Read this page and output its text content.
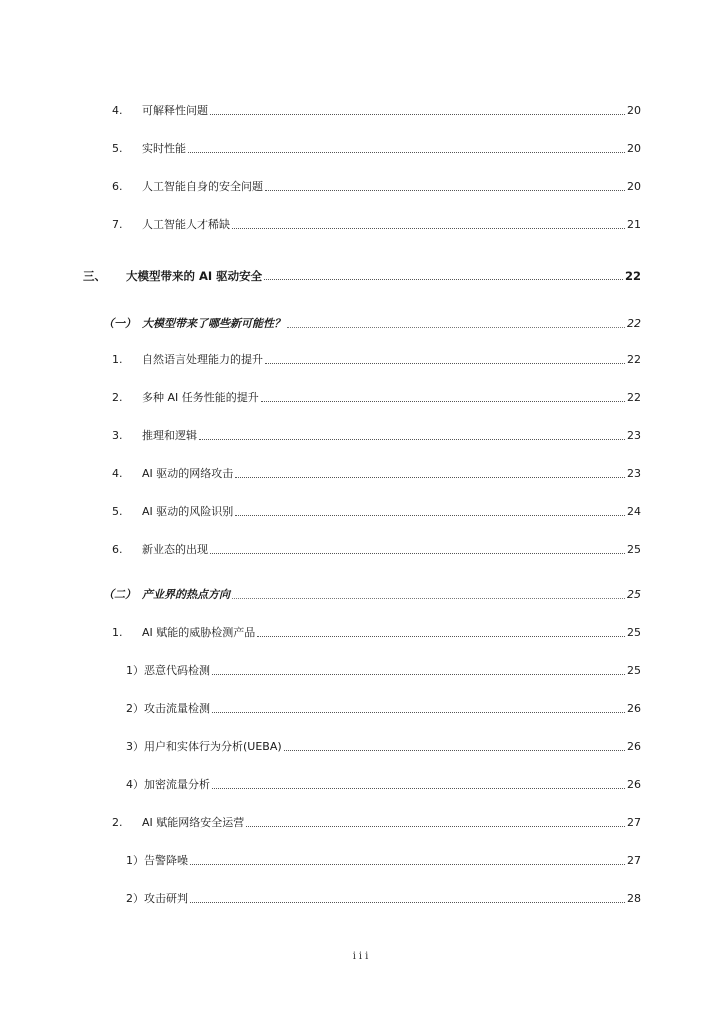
4.	可解释性问题	20
5.	实时性能	20
6.	人工智能自身的安全问题	20
7.	人工智能人才稀缺	21
三、	大模型带来的 AI 驱动安全	22
（一） 大模型带来了哪些新可能性？	22
1.	自然语言处理能力的提升	22
2.	多种 AI 任务性能的提升	22
3.	推理和逻辑	23
4.	AI 驱动的网络攻击	23
5.	AI 驱动的风险识别	24
6.	新业态的出现	25
（二） 产业界的热点方向	25
1.	AI 赋能的威胁检测产品	25
1）恶意代码检测	25
2）攻击流量检测	26
3）用户和实体行为分析(UEBA)	26
4）加密流量分析	26
2.	AI 赋能网络安全运营	27
1）告警降噪	27
2）攻击研判	28
iii
